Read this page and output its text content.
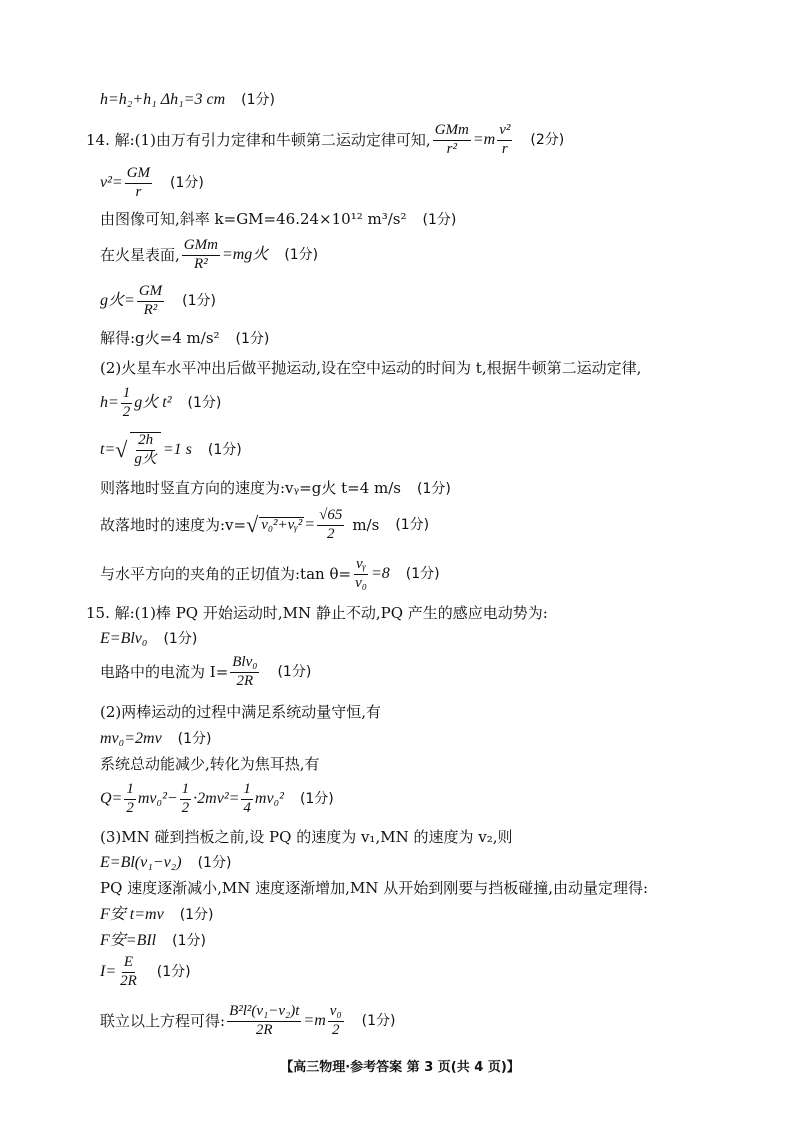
h=h₂+h₁ Δh₁=3 cm (1分)
14. 解:(1)由万有引力定律和牛顿第二运动定律可知, $\frac{\text{GMm}}{\text{r²}} =m \frac{\text{v²}}{r} (2$分)
$v^2= \frac{GM}{r} (1$分)
由图像可知,斜率 k=GM=46.24×10¹² m³/s² (1分)
在火星表面, $\frac{\text{GMm}}{\text{R²}} =mg$火 (1分)
g火= $\frac{GM}{\text{R²}} (1$分)
解得:g火=4 m/s² (1分)
(2)火星车水平冲出后做平抛运动,设在空中运动的时间为 t,根据牛顿第二运动定律,
$h= \frac{1}{2}$ g火 t² (1分)
t= √ $\frac{2h}{\text{g火}} =1$ s (1分)
则落地时竖直方向的速度为:vᵧ=g火 t=4 m/s (1分)
故落地时的速度为:v= √ v₀²+vᵧ² = $\frac{√65}{2} m/s$ (1分)
与水平方向的夹角的正切值为:tan $\theta= \frac{\text{vᵧ}}{\text{v₀}} =8$ (1分)
15. 解:(1)棒 PQ 开始运动时,MN 静止不动,PQ 产生的感应电动势为:
E=Blv₀ (1分)
电路中的电流为 $I= \frac{\text{Blv₀}}{2R} (1$分)
(2)两棒运动的过程中满足系统动量守恒,有
mv₀=2mv (1分)
系统总动能减少,转化为焦耳热,有
$Q= \frac{1}{2} mv_0^2- \frac{1}{2} \cdot 2mv^2= \frac{1}{4} mv_0^2$ (1分)
(3)MN 碰到挡板之前,设 PQ 的速度为 v₁,MN 的速度为 v₂,则
E=Bl(v₁−v₂) (1分)
PQ 速度逐渐减小,MN 速度逐渐增加,MN 从开始到刚要与挡板碰撞,由动量定理得:
F安 t=mv (1分)
F安=BIl (1分)
$I= \frac{E}{2R} (1$分)
联立以上方程可得: $\frac{\text{B²l²(v₁−v₂)t}}{2R} =m \frac{\text{v₀}}{2} (1$分)
【高三物理·参考答案 第 3 页(共 4 页)】
